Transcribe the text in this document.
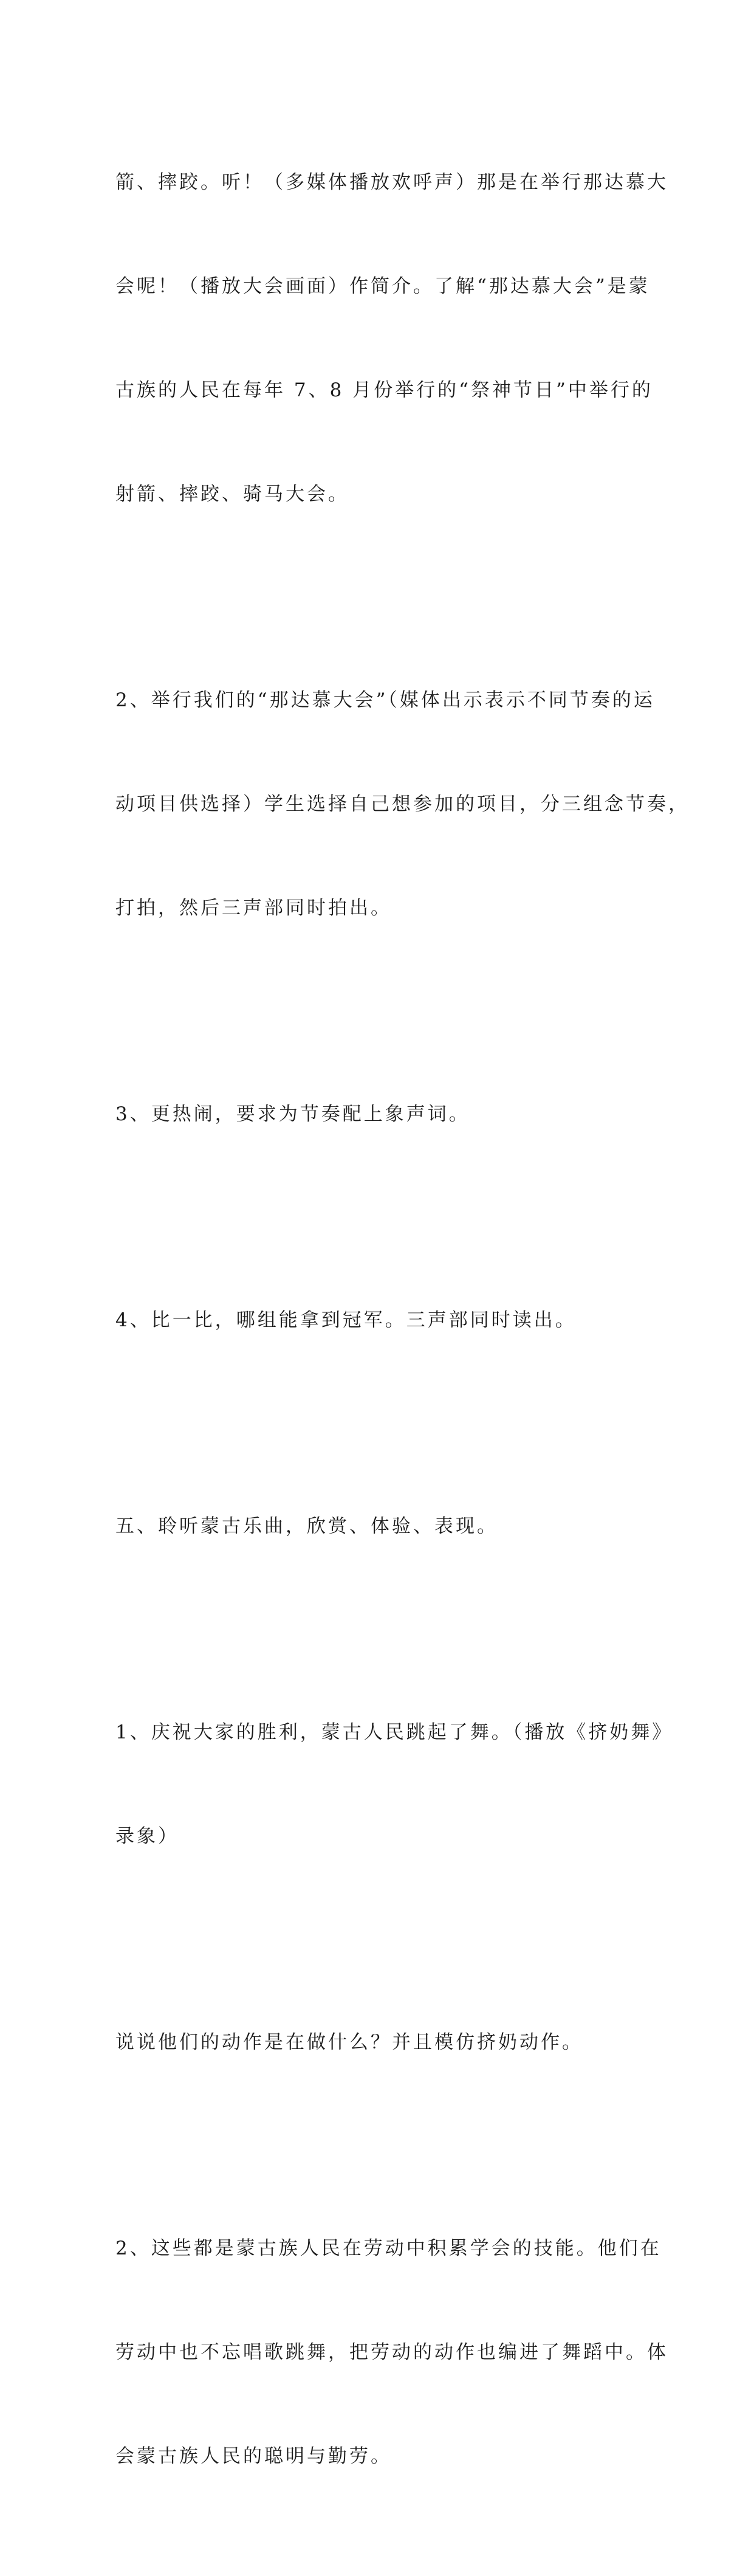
箭、摔跤。听！（多媒体播放欢呼声）那是在举行那达慕大

会呢！（播放大会画面）作简介。了解“那达慕大会”是蒙

古族的人民在每年 7、8 月份举行的“祭神节日”中举行的

射箭、摔跤、骑马大会。

2、举行我们的“那达慕大会”（媒体出示表示不同节奏的运

动项目供选择）学生选择自己想参加的项目，分三组念节奏，

打拍，然后三声部同时拍出。

3、更热闹，要求为节奏配上象声词。

4、比一比，哪组能拿到冠军。三声部同时读出。

五、聆听蒙古乐曲，欣赏、体验、表现。

1、庆祝大家的胜利，蒙古人民跳起了舞。（播放《挤奶舞》

录象）

说说他们的动作是在做什么？并且模仿挤奶动作。

2、这些都是蒙古族人民在劳动中积累学会的技能。他们在

劳动中也不忘唱歌跳舞，把劳动的动作也编进了舞蹈中。体

会蒙古族人民的聪明与勤劳。
